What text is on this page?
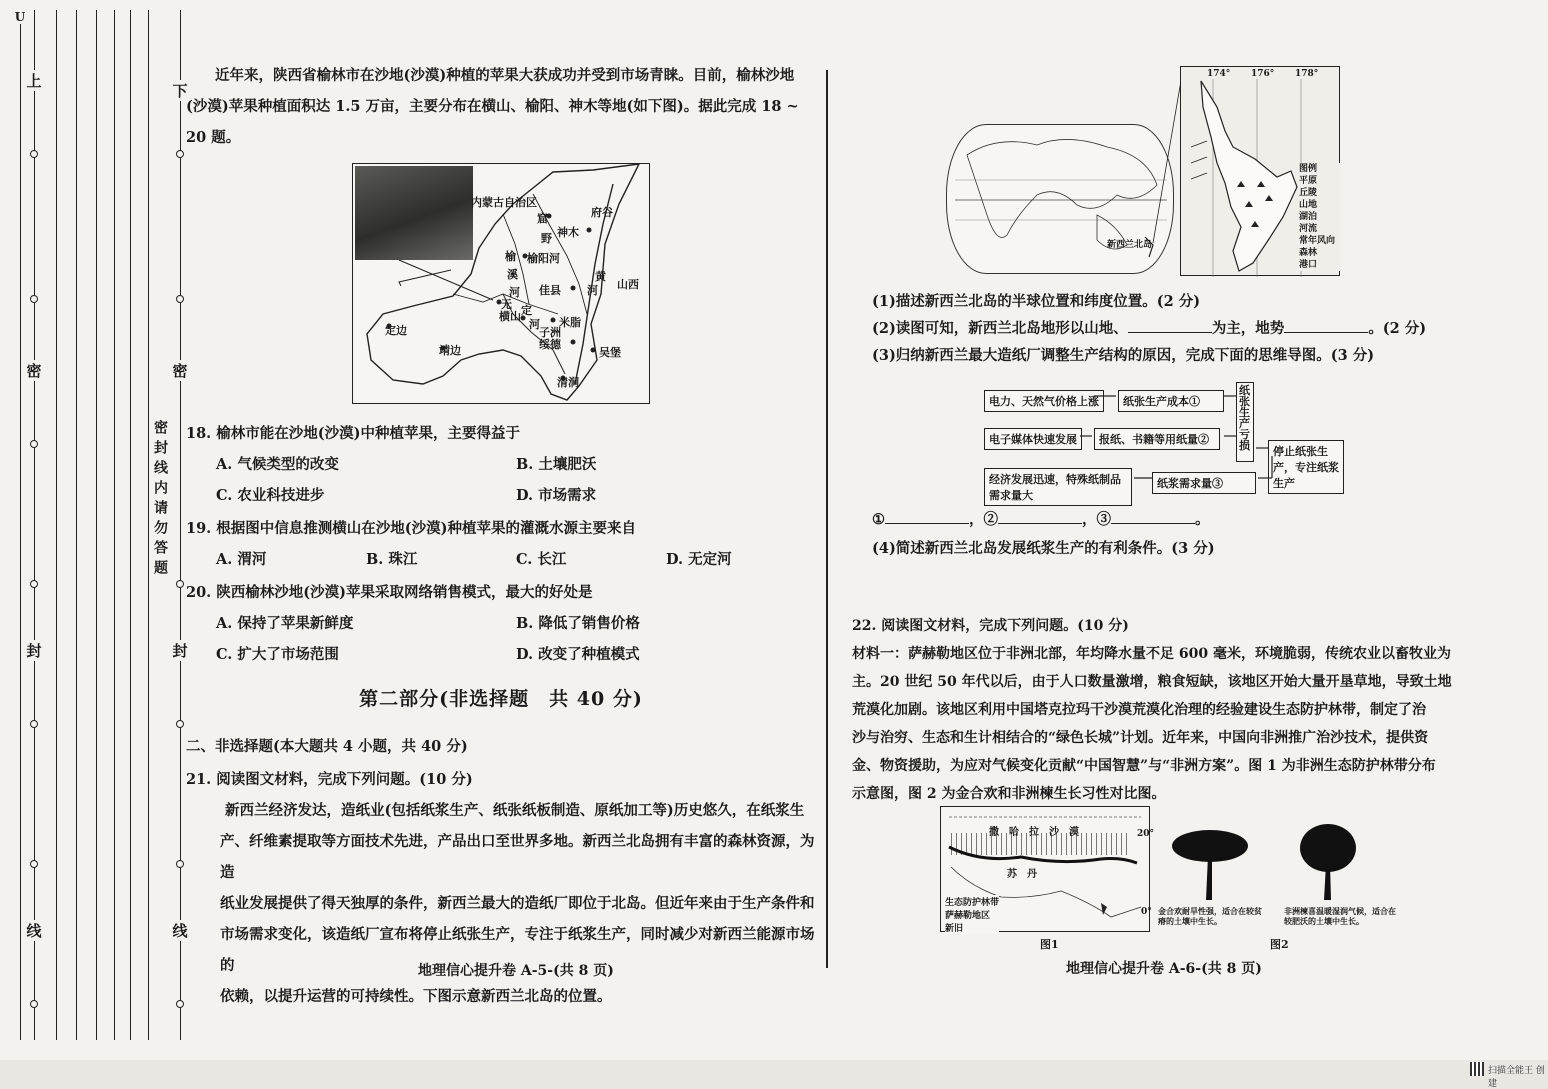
U
上
密
封
线
下
密
封
线
密封线内请勿答题
近年来，陕西省榆林市在沙地(沙漠)种植的苹果大获成功并受到市场青睐。目前，榆林沙地
(沙漠)苹果种植面积达 1.5 万亩，主要分布在横山、榆阳、神木等地(如下图)。据此完成 18 ~
20 题。
内蒙古自治区
府谷
神木
窟
野
河
榆
溪
河
榆阳
黄
河
佳县	山西
无 定
河
横山
子洲
米脂
定边
靖边	绥德
吴堡
清涧
18. 榆林市能在沙地(沙漠)中种植苹果，主要得益于
A. 气候类型的改变	B. 土壤肥沃
C. 农业科技进步	D. 市场需求
19. 根据图中信息推测横山在沙地(沙漠)种植苹果的灌溉水源主要来自
A. 渭河	B. 珠江	C. 长江	D. 无定河
20. 陕西榆林沙地(沙漠)苹果采取网络销售模式，最大的好处是
A. 保持了苹果新鲜度	B. 降低了销售价格
C. 扩大了市场范围	D. 改变了种植模式
第二部分(非选择题　共 40 分)
二、非选择题(本大题共 4 小题，共 40 分)
21. 阅读图文材料，完成下列问题。(10 分)
新西兰经济发达，造纸业(包括纸浆生产、纸张纸板制造、原纸加工等)历史悠久，在纸浆生
产、纤维素提取等方面技术先进，产品出口至世界多地。新西兰北岛拥有丰富的森林资源，为造
纸业发展提供了得天独厚的条件，新西兰最大的造纸厂即位于北岛。但近年来由于生产条件和
市场需求变化，该造纸厂宣布将停止纸张生产，专注于纸浆生产，同时减少对新西兰能源市场的
依赖，以提升运营的可持续性。下图示意新西兰北岛的位置。
地理信心提升卷 A-5-(共 8 页)
新西兰北岛
174° 176° 178°
图例
平原
丘陵
山地
湖泊
河流
常年风向
森林
港口
(1)描述新西兰北岛的半球位置和纬度位置。(2 分)
(2)读图可知，新西兰北岛地形以山地、	为主，地势	。(2 分)
(3)归纳新西兰最大造纸厂调整生产结构的原因，完成下面的思维导图。(3 分)
电力、天然气价格上涨	纸张生产成本①
电子媒体快速发展	报纸、书籍等用纸量②
经济发展迅速，特殊纸制品需求量大
纸浆需求量③
纸张生产亏损	停止纸张生产，专注纸浆生产
①	，②	，③	。
(4)简述新西兰北岛发展纸浆生产的有利条件。(3 分)
22. 阅读图文材料，完成下列问题。(10 分)
材料一：萨赫勒地区位于非洲北部，年均降水量不足 600 毫米，环境脆弱，传统农业以畜牧业为
主。20 世纪 50 年代以后，由于人口数量激增，粮食短缺，该地区开始大量开垦草地，导致土地
荒漠化加剧。该地区利用中国塔克拉玛干沙漠荒漠化治理的经验建设生态防护林带，制定了治
沙与治穷、生态和生计相结合的“绿色长城”计划。近年来，中国向非洲推广治沙技术，提供资
金、物资援助，为应对气候变化贡献“中国智慧”与“非洲方案”。图 1 为非洲生态防护林带分布
示意图，图 2 为金合欢和非洲楝生长习性对比图。
撒　哈　拉　沙　漠
苏　丹
20°
0°
生态防护林带
萨赫勒地区
新旧
图1
金合欢耐旱性强，适合在较贫瘠的土壤中生长。
非洲楝喜温暖湿润气候，适合在较肥沃的土壤中生长。
图2
地理信心提升卷 A-6-(共 8 页)
扫描全能王 创建
